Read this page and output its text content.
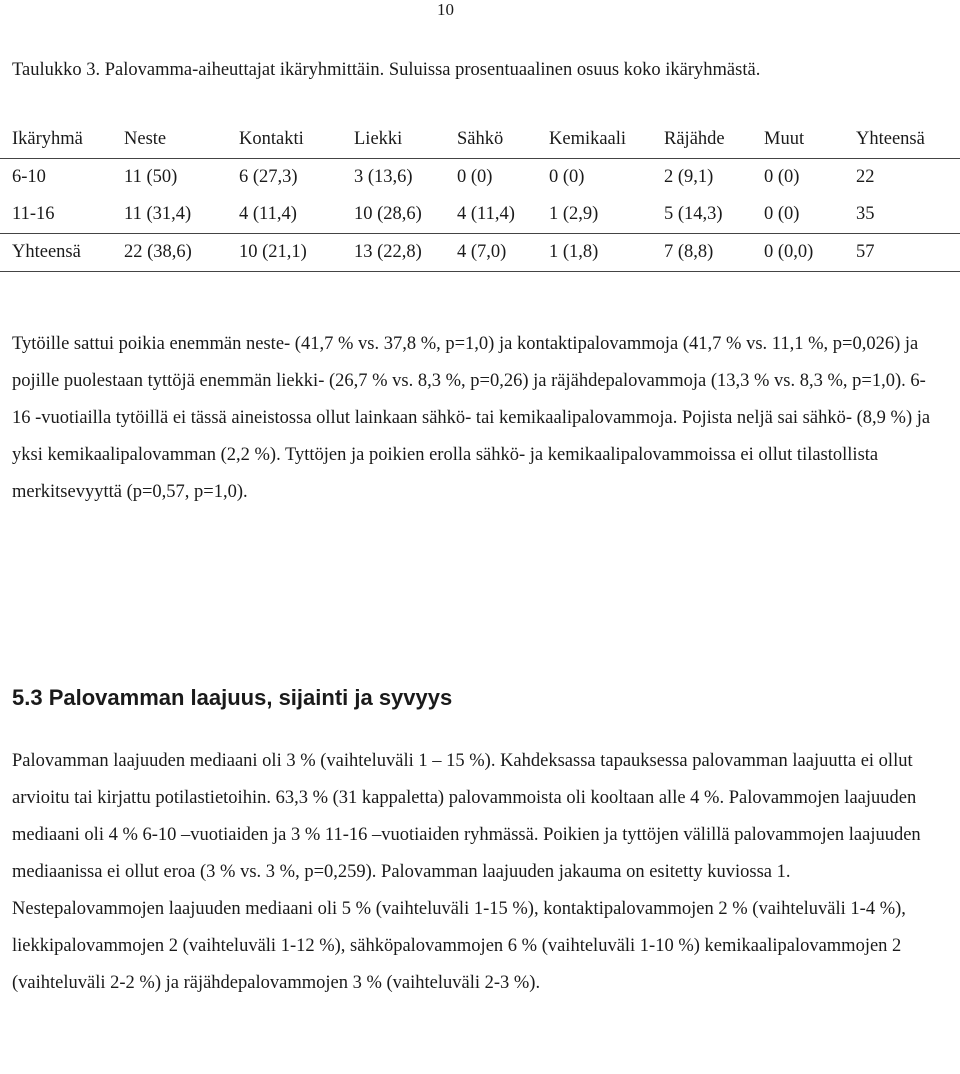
10
Taulukko 3. Palovamma-aiheuttajat ikäryhmittäin. Suluissa prosentuaalinen osuus koko ikäryhmästä.
Ikäryhmä	Neste	Kontakti	Liekki	Sähkö	Kemikaali	Räjähde	Muut	Yhteensä
6-10	11 (50)	6 (27,3)	3 (13,6)	0 (0)	0 (0)	2 (9,1)	0 (0)	22
11-16	11 (31,4)	4 (11,4)	10 (28,6)	4 (11,4)	1 (2,9)	5 (14,3)	0 (0)	35
Yhteensä	22 (38,6)	10 (21,1)	13 (22,8)	4 (7,0)	1 (1,8)	7 (8,8)	0 (0,0)	57

Tytöille sattui poikia enemmän neste- (41,7 % vs. 37,8 %, p=1,0) ja kontaktipalovammoja (41,7 % vs. 11,1 %, p=0,026) ja pojille puolestaan tyttöjä enemmän liekki- (26,7 % vs. 8,3 %, p=0,26) ja räjähdepalovammoja (13,3 % vs. 8,3 %, p=1,0). 6-16 -vuotiailla tytöillä ei tässä aineistossa ollut lainkaan sähkö- tai kemikaalipalovammoja. Pojista neljä sai sähkö- (8,9 %) ja yksi kemikaalipalovamman (2,2 %). Tyttöjen ja poikien erolla sähkö- ja kemikaalipalovammoissa ei ollut tilastollista merkitsevyyttä (p=0,57, p=1,0).

5.3 Palovamman laajuus, sijainti ja syvyys

Palovamman laajuuden mediaani oli 3 % (vaihteluväli 1 – 15 %). Kahdeksassa tapauksessa palovamman laajuutta ei ollut arvioitu tai kirjattu potilastietoihin. 63,3 % (31 kappaletta) palovammoista oli kooltaan alle 4 %. Palovammojen laajuuden mediaani oli 4 % 6-10 –vuotiaiden ja 3 % 11-16 –vuotiaiden ryhmässä. Poikien ja tyttöjen välillä palovammojen laajuuden mediaanissa ei ollut eroa (3 % vs. 3 %, p=0,259). Palovamman laajuuden jakauma on esitetty kuviossa 1. Nestepalovammojen laajuuden mediaani oli 5 % (vaihteluväli 1-15 %), kontaktipalovammojen 2 % (vaihteluväli 1-4 %), liekkipalovammojen 2 (vaihteluväli 1-12 %), sähköpalovammojen 6 % (vaihteluväli 1-10 %) kemikaalipalovammojen 2 (vaihteluväli 2-2 %) ja räjähdepalovammojen 3 % (vaihteluväli 2-3 %).
